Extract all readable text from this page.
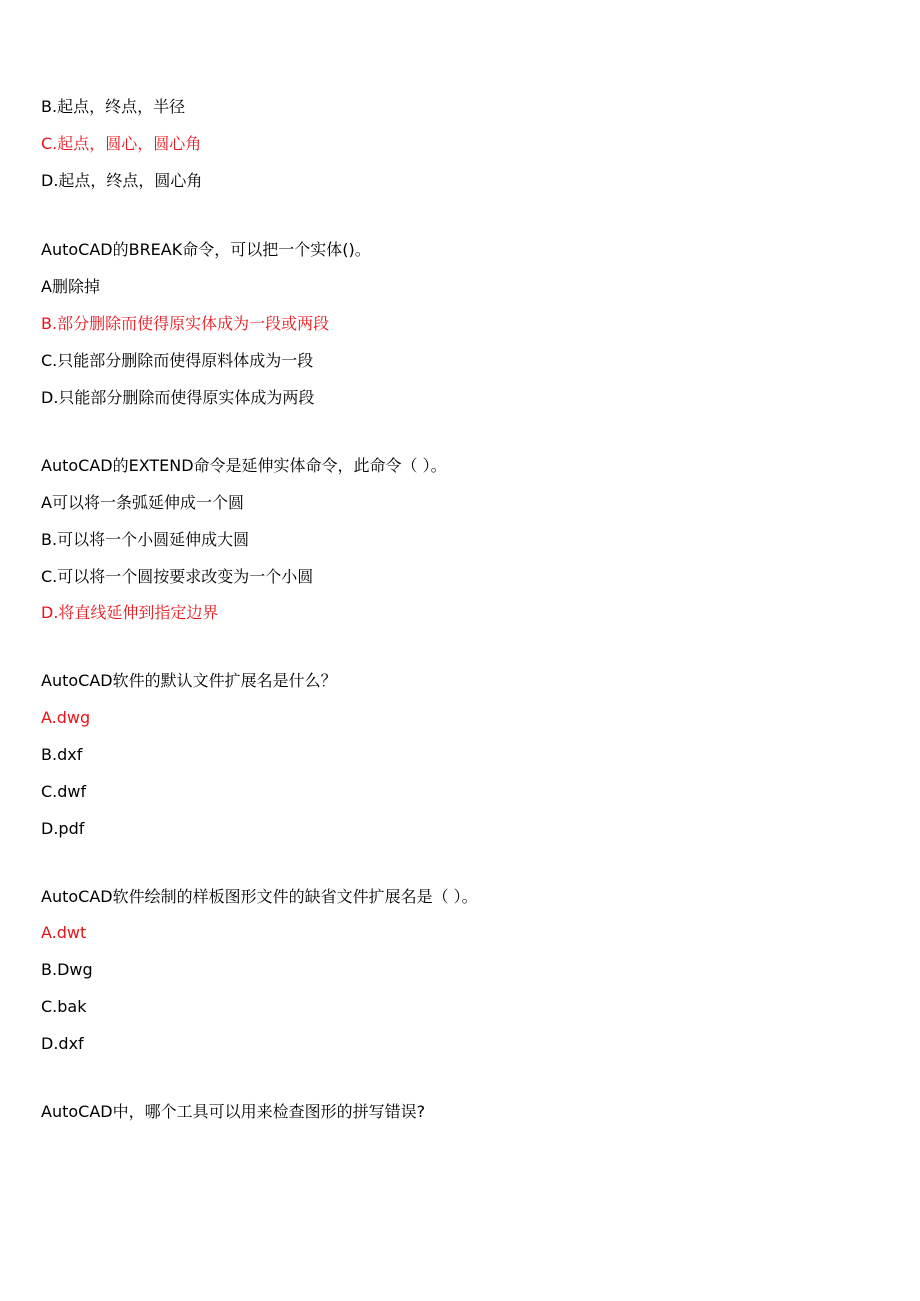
B.起点，终点，半径
C.起点，圆心，圆心角
D.起点，终点，圆心角
AutoCAD的BREAK命令，可以把一个实体()。
A删除掉
B.部分删除而使得原实体成为一段或两段
C.只能部分删除而使得原料体成为一段
D.只能部分删除而使得原实体成为两段
AutoCAD的EXTEND命令是延伸实体命令，此命令（ ）。
A可以将一条弧延伸成一个圆
B.可以将一个小圆延伸成大圆
C.可以将一个圆按要求改变为一个小圆
D.将直线延伸到指定边界
AutoCAD软件的默认文件扩展名是什么？
A.dwg
B.dxf
C.dwf
D.pdf
AutoCAD软件绘制的样板图形文件的缺省文件扩展名是（ ）。
A.dwt
B.Dwg
C.bak
D.dxf
AutoCAD中，哪个工具可以用来检查图形的拼写错误?
